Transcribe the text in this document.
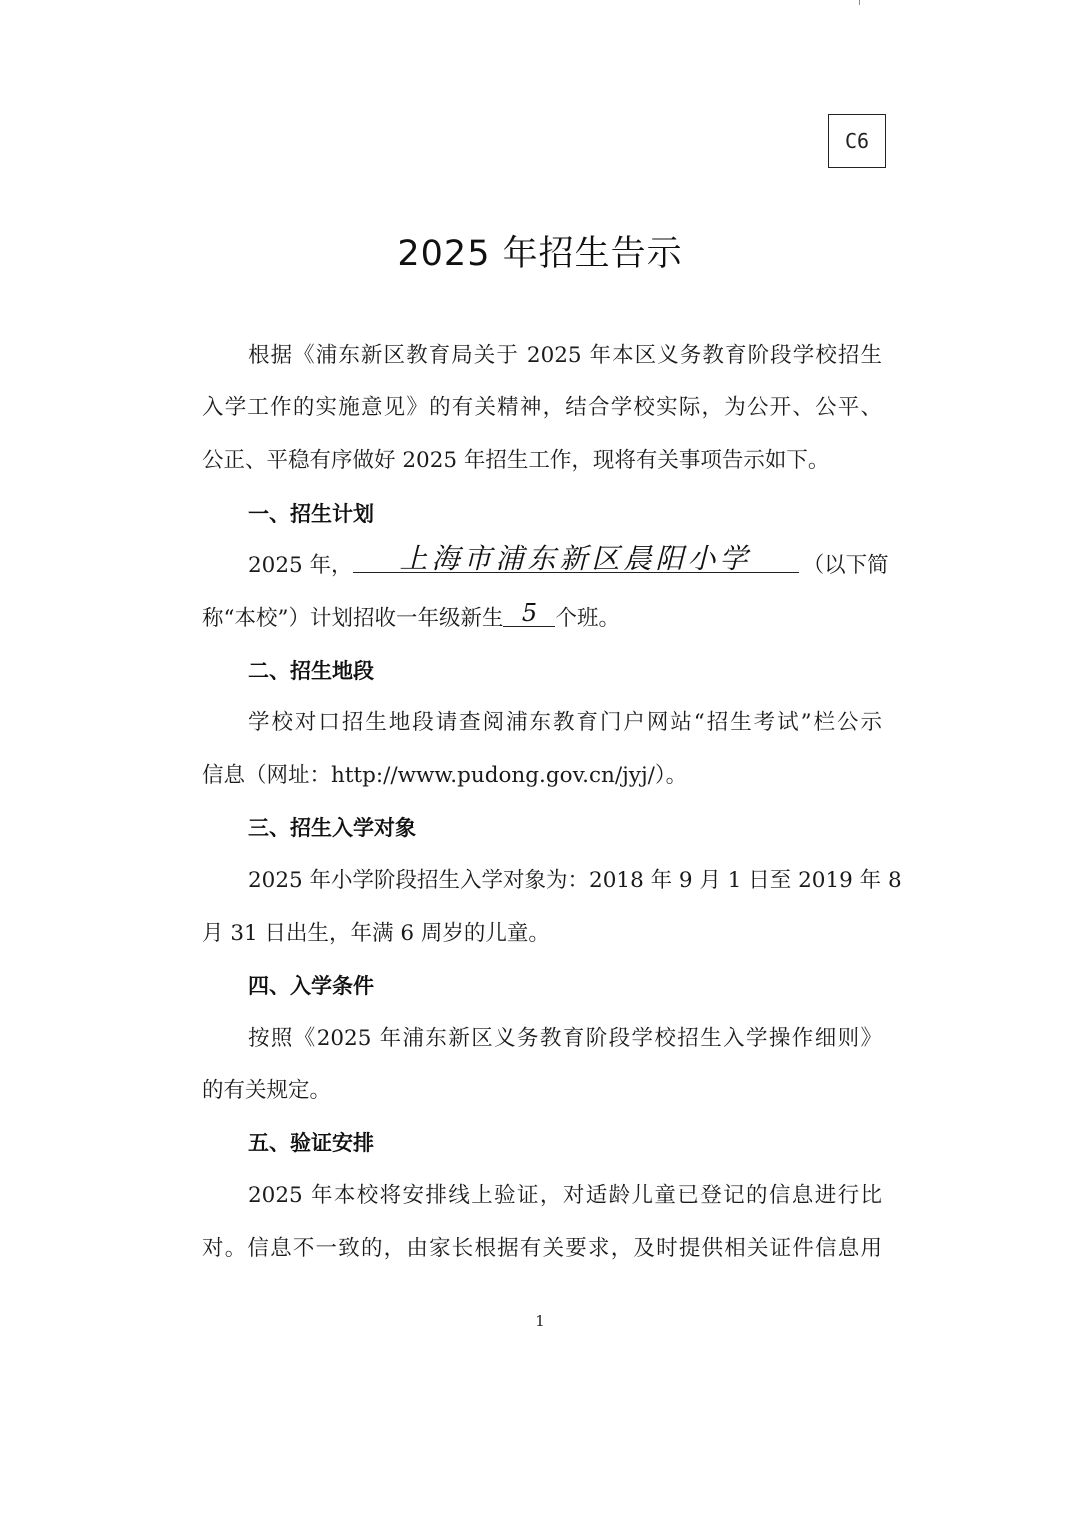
C6
2025 年招生告示
根据《浦东新区教育局关于 2025 年本区义务教育阶段学校招生
入学工作的实施意见》的有关精神，结合学校实际，为公开、公平、
公正、平稳有序做好 2025 年招生工作，现将有关事项告示如下。
一、招生计划
2025 年， 上海市浦东新区晨阳小学 （以下简
称“本校”）计划招收一年级新生 5 个班。
二、招生地段
学校对口招生地段请查阅浦东教育门户网站“招生考试”栏公示
信息（网址：http://www.pudong.gov.cn/jyj/）。
三、招生入学对象
2025 年小学阶段招生入学对象为：2018 年 9 月 1 日至 2019 年 8
月 31 日出生，年满 6 周岁的儿童。
四、入学条件
按照《2025 年浦东新区义务教育阶段学校招生入学操作细则》
的有关规定。
五、验证安排
2025 年本校将安排线上验证，对适龄儿童已登记的信息进行比
对。信息不一致的，由家长根据有关要求，及时提供相关证件信息用
1
